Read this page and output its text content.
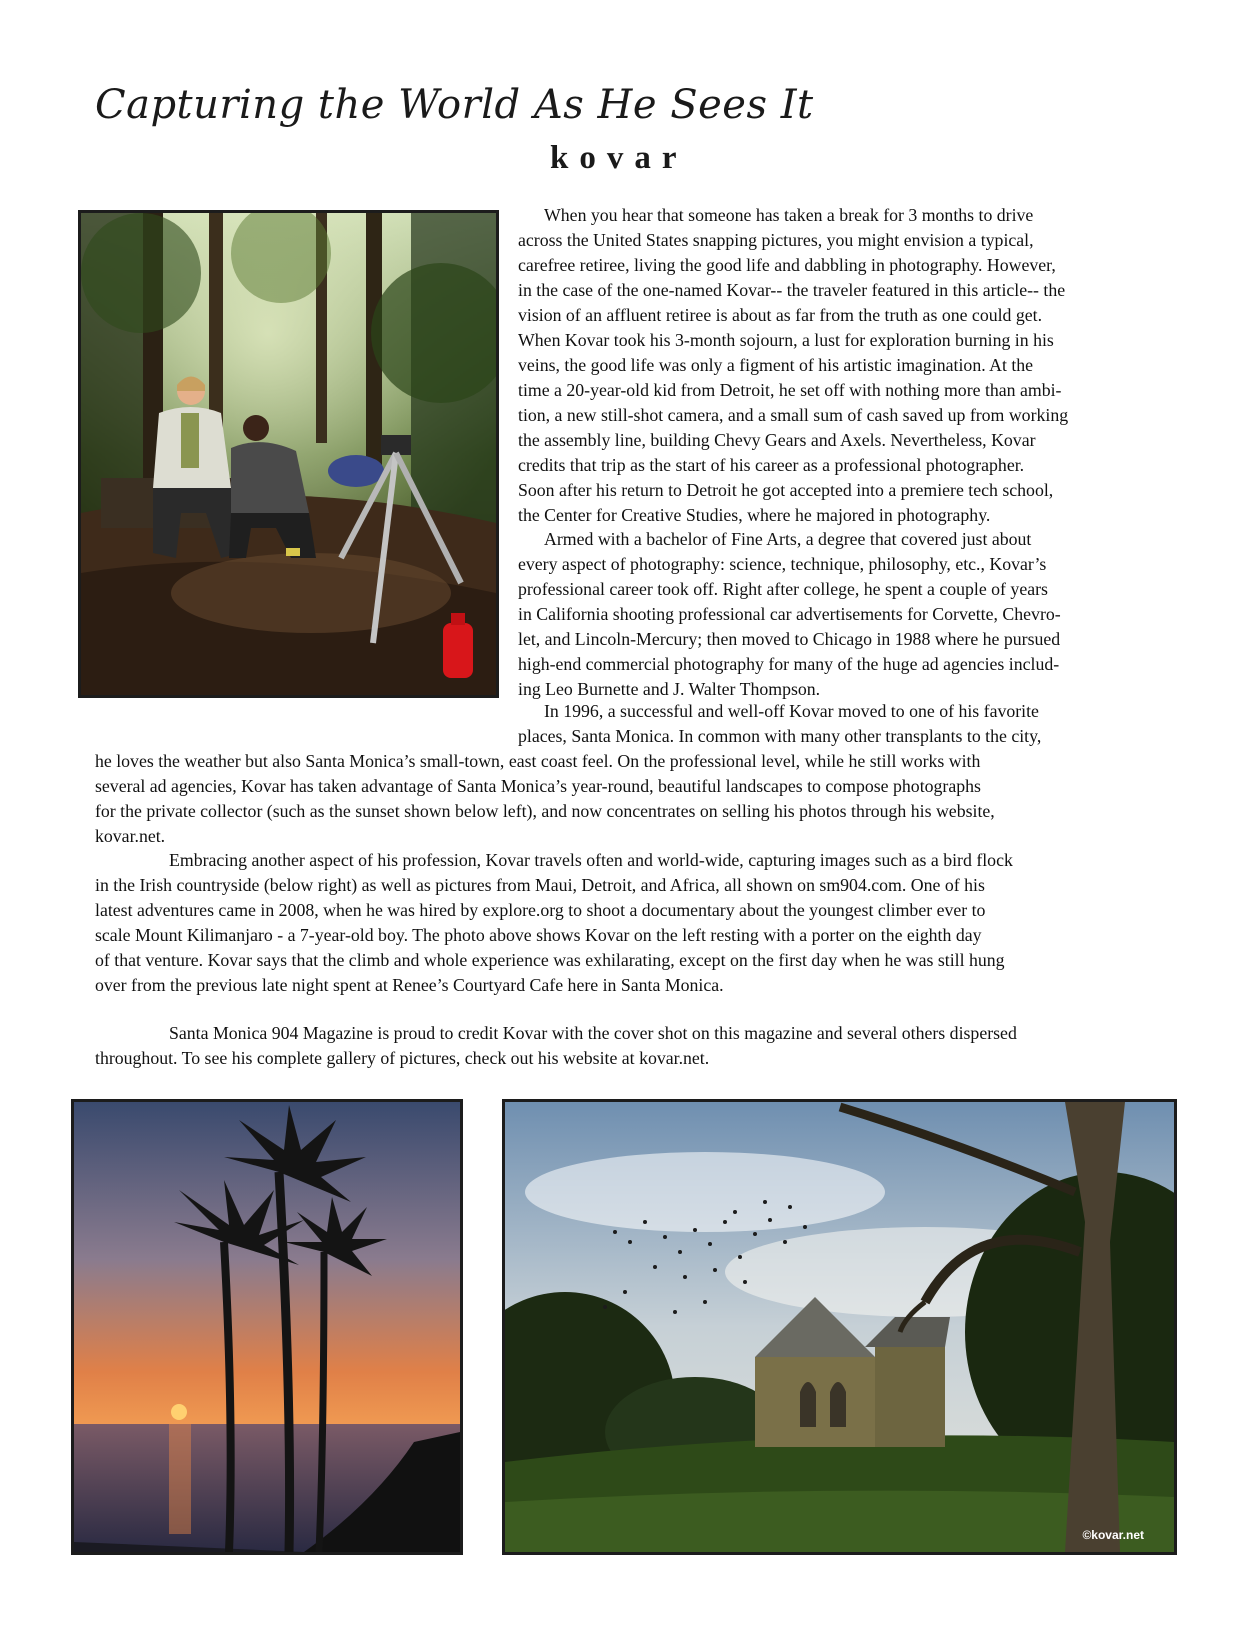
Capturing the World As He Sees It
kovar
When you hear that someone has taken a break for 3 months to drive
across the United States snapping pictures, you might envision a typical,
carefree retiree, living the good life and dabbling in photography. However,
in the case of the one-named Kovar-- the traveler featured in this article-- the
vision of an affluent retiree is about as far from the truth as one could get.
When Kovar took his 3-month sojourn, a lust for exploration burning in his
veins, the good life was only a figment of his artistic imagination. At the
time a 20-year-old kid from Detroit, he set off with nothing more than ambi-
tion, a new still-shot camera, and a small sum of cash saved up from working
the assembly line, building Chevy Gears and Axels. Nevertheless, Kovar
credits that trip as the start of his career as a professional photographer.
Soon after his return to Detroit he got accepted into a premiere tech school,
the Center for Creative Studies, where he majored in photography.
Armed with a bachelor of Fine Arts, a degree that covered just about
every aspect of photography: science, technique, philosophy, etc., Kovar’s
professional career took off. Right after college, he spent a couple of years
in California shooting professional car advertisements for Corvette, Chevro-
let, and Lincoln-Mercury; then moved to Chicago in 1988 where he pursued
high-end commercial photography for many of the huge ad agencies includ-
ing Leo Burnette and J. Walter Thompson.
In 1996, a successful and well-off Kovar moved to one of his favorite
places, Santa Monica. In common with many other transplants to the city,
he loves the weather but also Santa Monica’s small-town, east coast feel. On the professional level, while he still works with
several ad agencies, Kovar has taken advantage of Santa Monica’s year-round, beautiful landscapes to compose photographs
for the private collector (such as the sunset shown below left), and now concentrates on selling his photos through his website,
kovar.net.
Embracing another aspect of his profession, Kovar travels often and world-wide, capturing images such as a bird flock
in the Irish countryside (below right) as well as pictures from Maui, Detroit, and Africa, all shown on sm904.com. One of his
latest adventures came in 2008, when he was hired by explore.org to shoot a documentary about the youngest climber ever to
scale Mount Kilimanjaro - a 7-year-old boy. The photo above shows Kovar on the left resting with a porter on the eighth day
of that venture. Kovar says that the climb and whole experience was exhilarating, except on the first day when he was still hung
over from the previous late night spent at Renee’s Courtyard Cafe here in Santa Monica.
Santa Monica 904 Magazine is proud to credit Kovar with the cover shot on this magazine and several others dispersed
throughout. To see his complete gallery of pictures, check out his website at kovar.net.
©kovar.net
